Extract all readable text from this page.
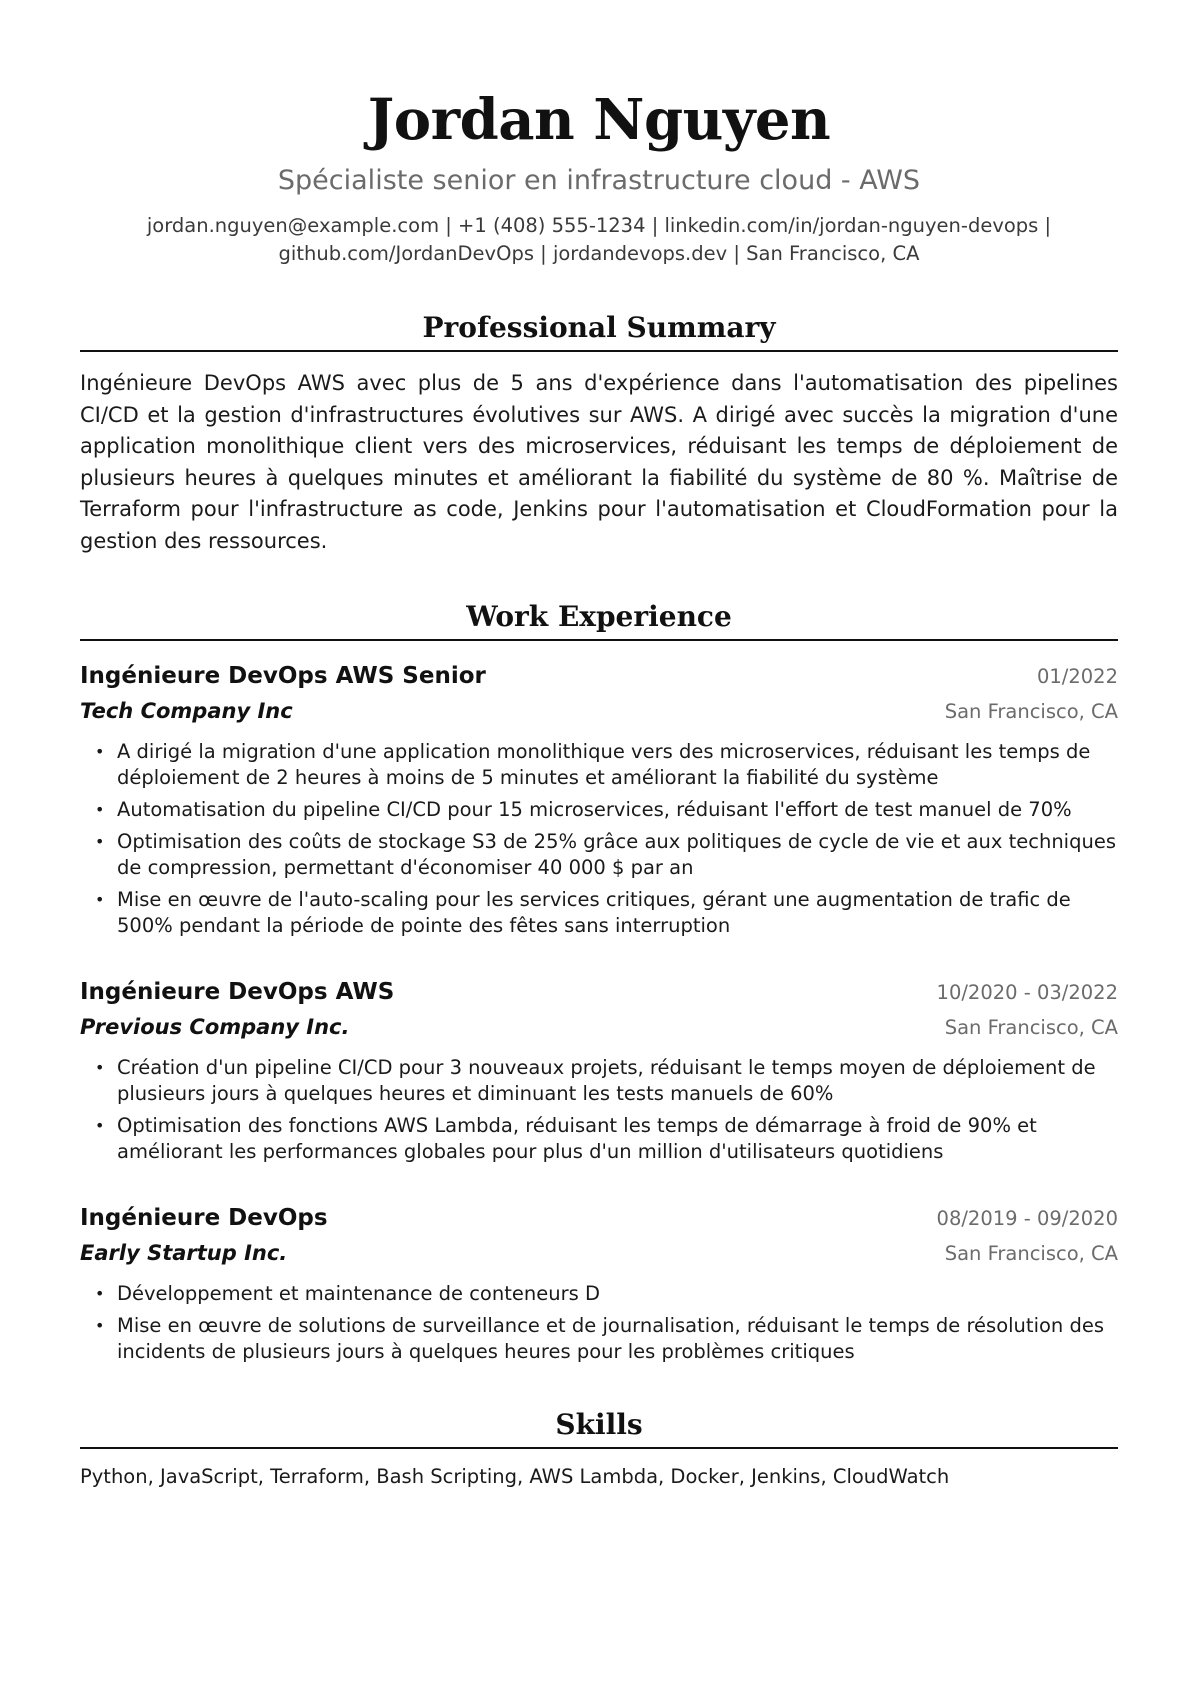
Jordan Nguyen
Spécialiste senior en infrastructure cloud - AWS
jordan.nguyen@example.com | +1 (408) 555-1234 | linkedin.com/in/jordan-nguyen-devops |
github.com/JordanDevOps | jordandevops.dev | San Francisco, CA
Professional Summary
Ingénieure DevOps AWS avec plus de 5 ans d'expérience dans l'automatisation des pipelines CI/CD et la gestion d'infrastructures évolutives sur AWS. A dirigé avec succès la migration d'une application monolithique client vers des microservices, réduisant les temps de déploiement de plusieurs heures à quelques minutes et améliorant la fiabilité du système de 80 %. Maîtrise de Terraform pour l'infrastructure as code, Jenkins pour l'automatisation et CloudFormation pour la gestion des ressources.
Work Experience
Ingénieure DevOps AWS Senior	01/2022
Tech Company Inc	San Francisco, CA
• A dirigé la migration d'une application monolithique vers des microservices, réduisant les temps de déploiement de 2 heures à moins de 5 minutes et améliorant la fiabilité du système
• Automatisation du pipeline CI/CD pour 15 microservices, réduisant l'effort de test manuel de 70%
• Optimisation des coûts de stockage S3 de 25% grâce aux politiques de cycle de vie et aux techniques de compression, permettant d'économiser 40 000 $ par an
• Mise en œuvre de l'auto-scaling pour les services critiques, gérant une augmentation de trafic de 500% pendant la période de pointe des fêtes sans interruption
Ingénieure DevOps AWS	10/2020 - 03/2022
Previous Company Inc.	San Francisco, CA
• Création d'un pipeline CI/CD pour 3 nouveaux projets, réduisant le temps moyen de déploiement de plusieurs jours à quelques heures et diminuant les tests manuels de 60%
• Optimisation des fonctions AWS Lambda, réduisant les temps de démarrage à froid de 90% et améliorant les performances globales pour plus d'un million d'utilisateurs quotidiens
Ingénieure DevOps	08/2019 - 09/2020
Early Startup Inc.	San Francisco, CA
• Développement et maintenance de conteneurs D
• Mise en œuvre de solutions de surveillance et de journalisation, réduisant le temps de résolution des incidents de plusieurs jours à quelques heures pour les problèmes critiques
Skills
Python, JavaScript, Terraform, Bash Scripting, AWS Lambda, Docker, Jenkins, CloudWatch
